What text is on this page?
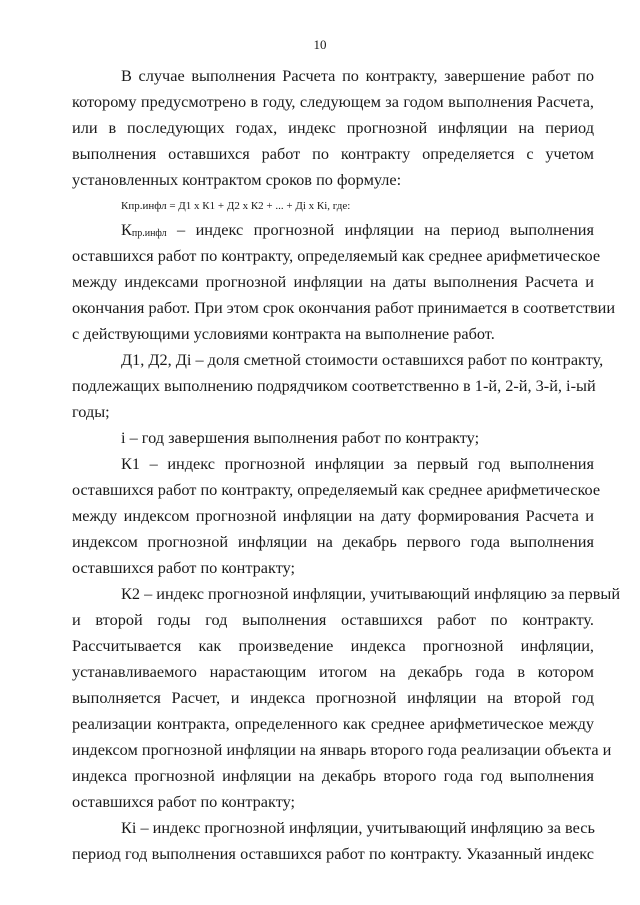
10
В случае выполнения Расчета по контракту, завершение работ по
которому предусмотрено в году, следующем за годом выполнения Расчета,
или в последующих годах, индекс прогнозной инфляции на период
выполнения оставшихся работ по контракту определяется с учетом
установленных контрактом сроков по формуле:
Кпр.инфл = Д1 х К1 + Д2 х К2 + ... + Дi х Кi, где:
К пр.инфл – индекс прогнозной инфляции на период выполнения
оставшихся работ по контракту, определяемый как среднее арифметическое
между индексами прогнозной инфляции на даты выполнения Расчета и
окончания работ. При этом срок окончания работ принимается в соответствии
с действующими условиями контракта на выполнение работ.
Д1, Д2, Дi – доля сметной стоимости оставшихся работ по контракту,
подлежащих выполнению подрядчиком соответственно в 1-й, 2-й, 3-й, i-ый
годы;
i – год завершения выполнения работ по контракту;
К1 – индекс прогнозной инфляции за первый год выполнения
оставшихся работ по контракту, определяемый как среднее арифметическое
между индексом прогнозной инфляции на дату формирования Расчета и
индексом прогнозной инфляции на декабрь первого года выполнения
оставшихся работ по контракту;
К2 – индекс прогнозной инфляции, учитывающий инфляцию за первый
и второй годы год выполнения оставшихся работ по контракту.
Рассчитывается как произведение индекса прогнозной инфляции,
устанавливаемого нарастающим итогом на декабрь года в котором
выполняется Расчет, и индекса прогнозной инфляции на второй год
реализации контракта, определенного как среднее арифметическое между
индексом прогнозной инфляции на январь второго года реализации объекта и
индекса прогнозной инфляции на декабрь второго года год выполнения
оставшихся работ по контракту;
Кi – индекс прогнозной инфляции, учитывающий инфляцию за весь
период год выполнения оставшихся работ по контракту. Указанный индекс
